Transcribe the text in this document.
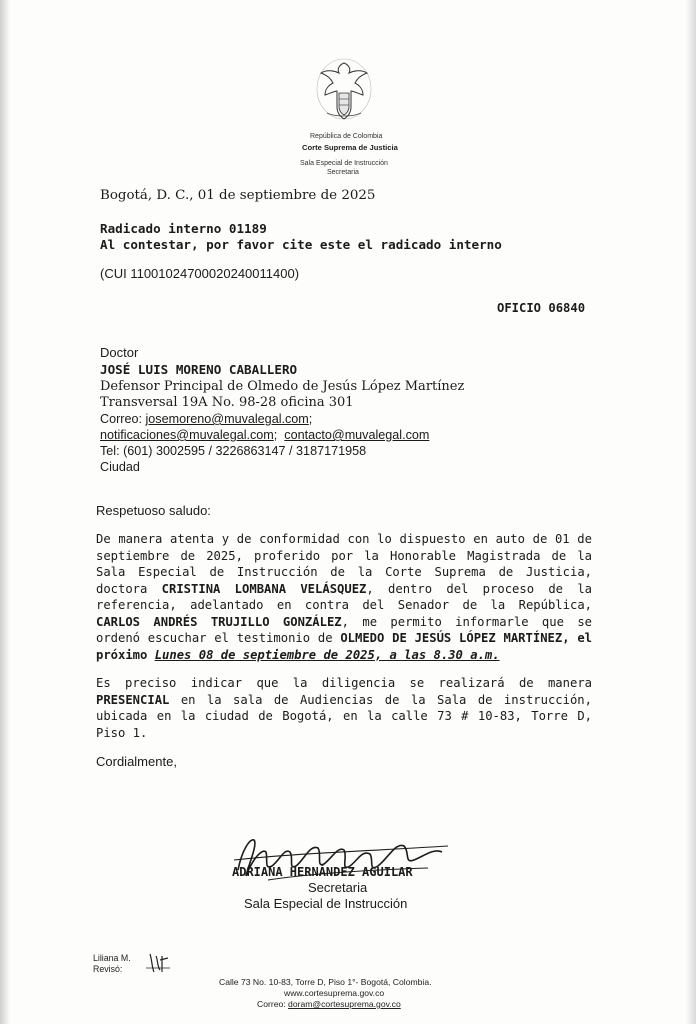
República de Colombia
Corte Suprema de Justicia
Sala Especial de Instrucción
Secretaria
Bogotá, D. C., 01 de septiembre de 2025
Radicado interno 01189
Al contestar, por favor cite este el radicado interno
(CUI 11001024700020240011400)
OFICIO 06840
Doctor
JOSÉ LUIS MORENO CABALLERO
Defensor Principal de Olmedo de Jesús López Martínez
Transversal 19A No. 98-28 oficina 301
Correo: josemoreno@muvalegal.com;
notificaciones@muvalegal.com; contacto@muvalegal.com
Tel: (601) 3002595 / 3226863147 / 3187171958
Ciudad
Respetuoso saludo:
De manera atenta y de conformidad con lo dispuesto en auto de 01 de septiembre de 2025, proferido por la Honorable Magistrada de la Sala Especial de Instrucción de la Corte Suprema de Justicia, doctora CRISTINA LOMBANA VELÁSQUEZ, dentro del proceso de la referencia, adelantado en contra del Senador de la República, CARLOS ANDRÉS TRUJILLO GONZÁLEZ, me permito informarle que se ordenó escuchar el testimonio de OLMEDO DE JESÚS LÓPEZ MARTÍNEZ, el próximo Lunes 08 de septiembre de 2025, a las 8.30 a.m.
Es preciso indicar que la diligencia se realizará de manera PRESENCIAL en la sala de Audiencias de la Sala de instrucción, ubicada en la ciudad de Bogotá, en la calle 73 # 10-83, Torre D, Piso 1.
Cordialmente,
ADRIANA HERNÁNDEZ AGUILAR
Secretaria
Sala Especial de Instrucción
Liliana M.
Revisó:
Calle 73 No. 10-83, Torre D, Piso 1°- Bogotá, Colombia.
www.cortesuprema.gov.co
Correo: doram@cortesuprema.gov.co
